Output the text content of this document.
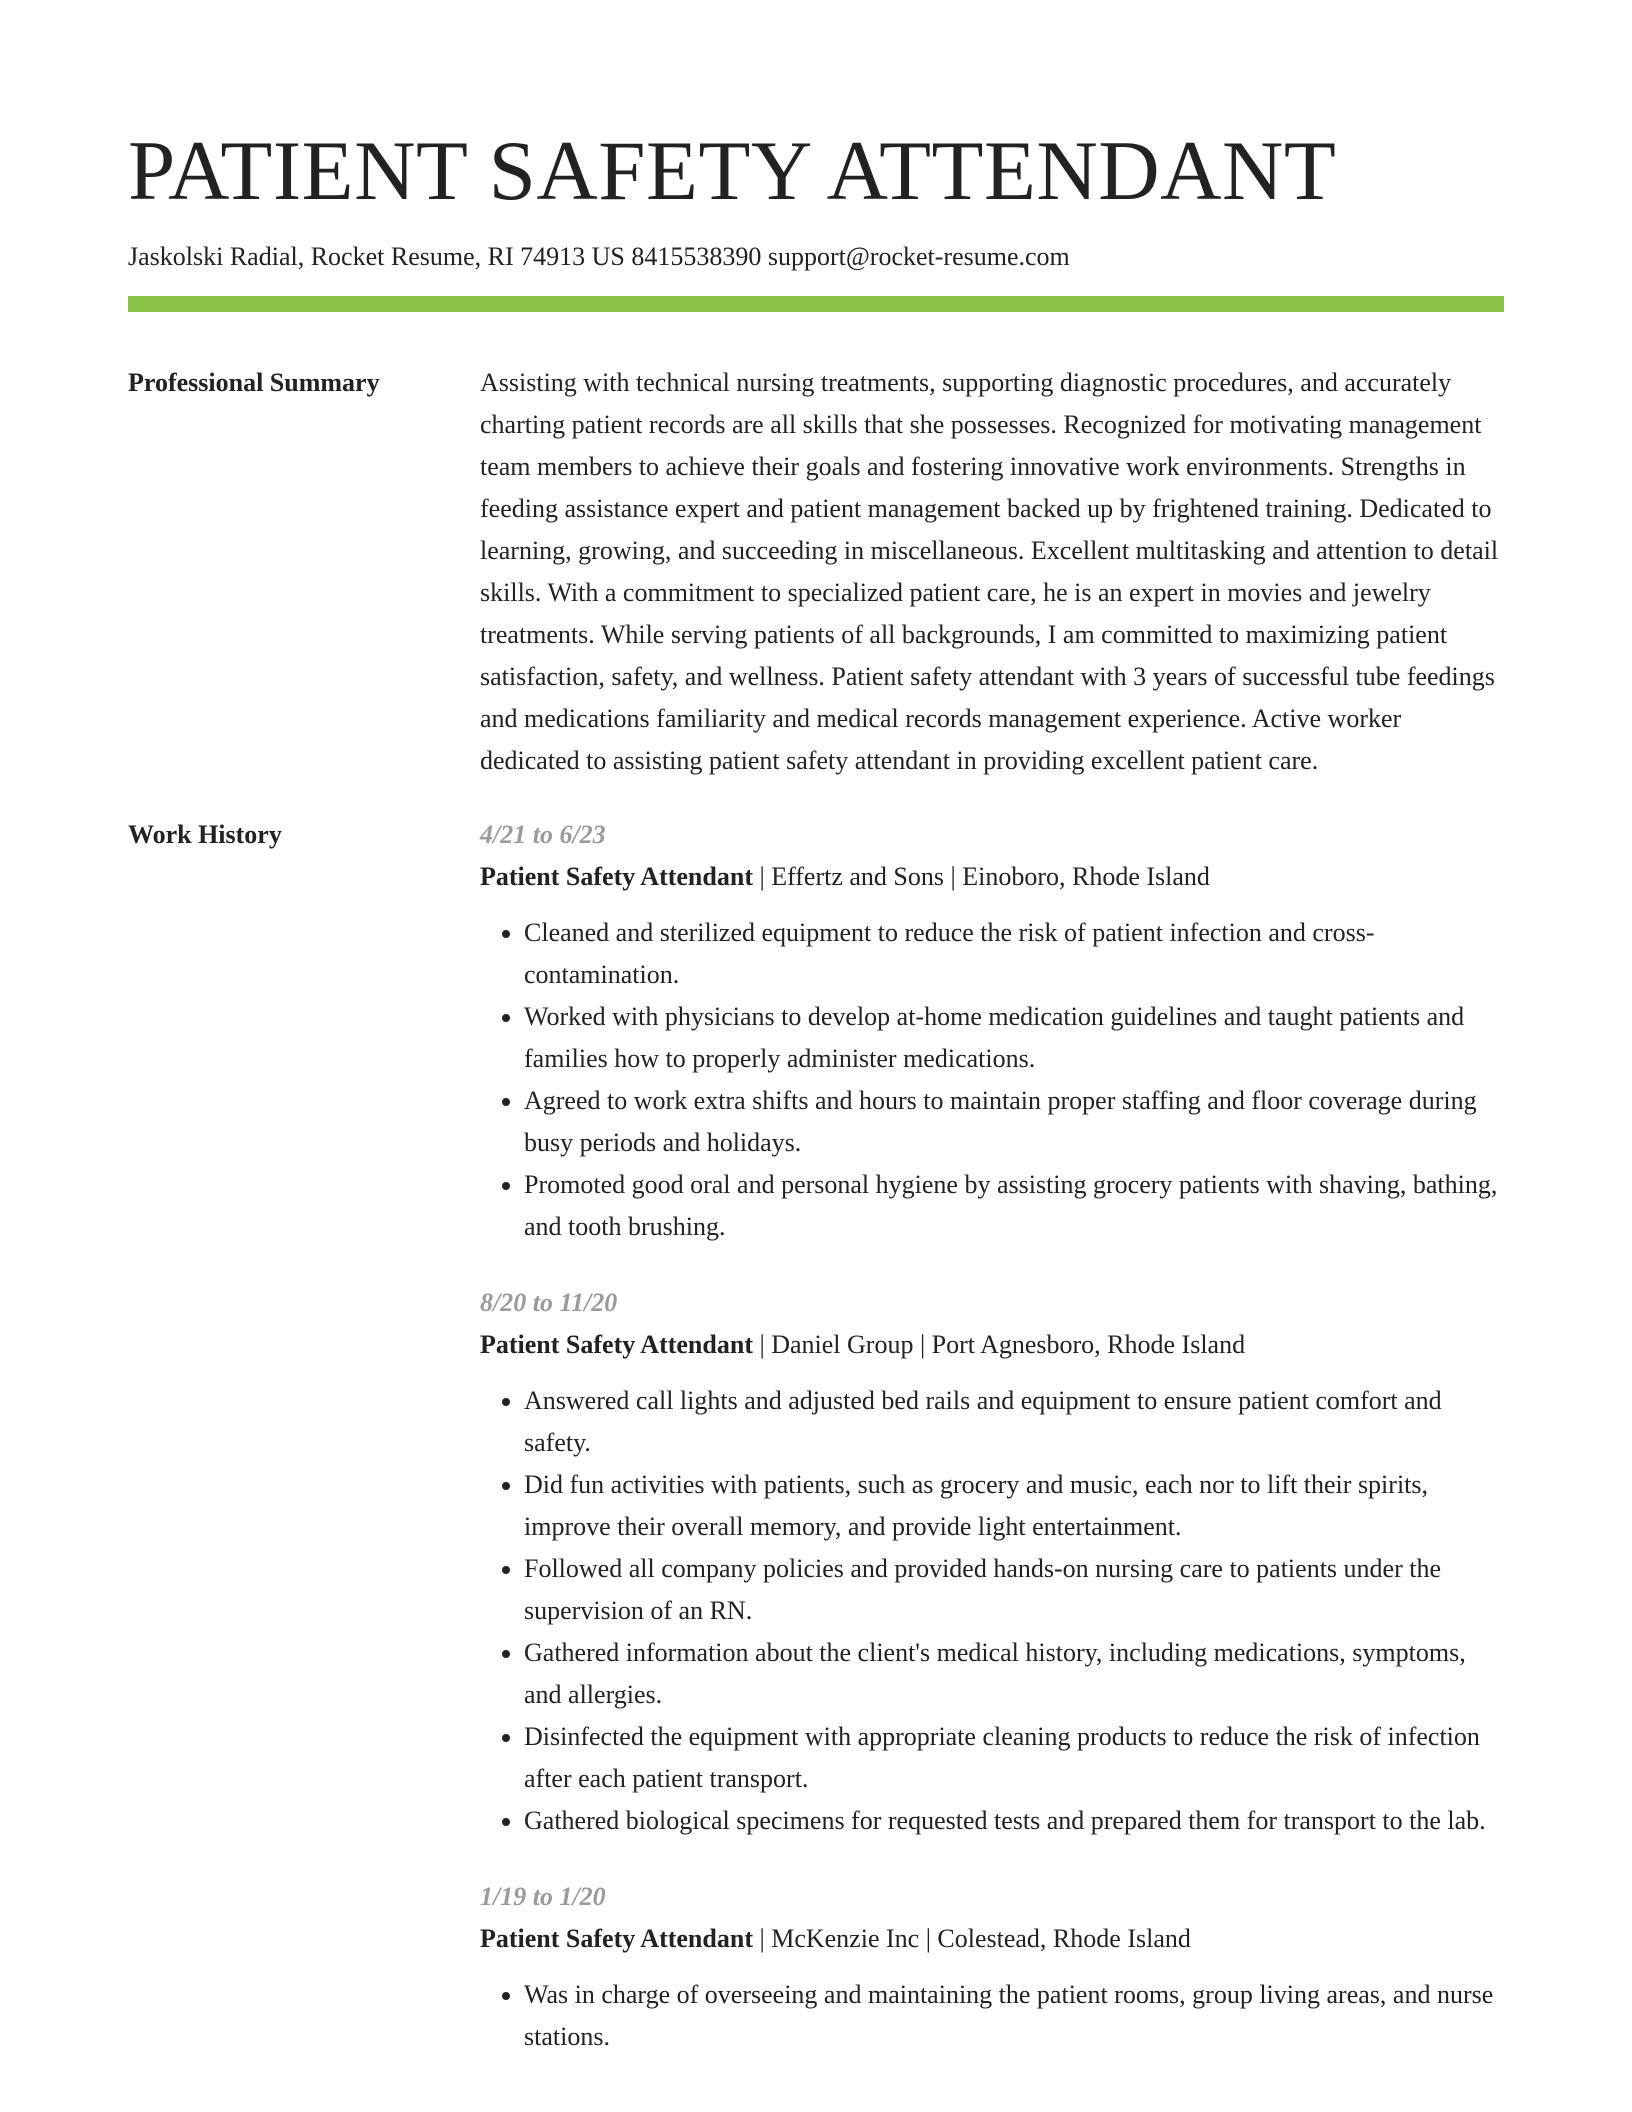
PATIENT SAFETY ATTENDANT
Jaskolski Radial, Rocket Resume, RI 74913 US 8415538390 support@rocket-resume.com
Professional Summary	Assisting with technical nursing treatments, supporting diagnostic procedures, and accurately charting patient records are all skills that she possesses. Recognized for motivating management team members to achieve their goals and fostering innovative work environments. Strengths in feeding assistance expert and patient management backed up by frightened training. Dedicated to learning, growing, and succeeding in miscellaneous. Excellent multitasking and attention to detail skills. With a commitment to specialized patient care, he is an expert in movies and jewelry treatments. While serving patients of all backgrounds, I am committed to maximizing patient satisfaction, safety, and wellness. Patient safety attendant with 3 years of successful tube feedings and medications familiarity and medical records management experience. Active worker dedicated to assisting patient safety attendant in providing excellent patient care.

Work History	4/21 to 6/23
Patient Safety Attendant | Effertz and Sons | Einoboro, Rhode Island
• Cleaned and sterilized equipment to reduce the risk of patient infection and cross-contamination.
• Worked with physicians to develop at-home medication guidelines and taught patients and families how to properly administer medications.
• Agreed to work extra shifts and hours to maintain proper staffing and floor coverage during busy periods and holidays.
• Promoted good oral and personal hygiene by assisting grocery patients with shaving, bathing, and tooth brushing.
8/20 to 11/20
Patient Safety Attendant | Daniel Group | Port Agnesboro, Rhode Island
• Answered call lights and adjusted bed rails and equipment to ensure patient comfort and safety.
• Did fun activities with patients, such as grocery and music, each nor to lift their spirits, improve their overall memory, and provide light entertainment.
• Followed all company policies and provided hands-on nursing care to patients under the supervision of an RN.
• Gathered information about the client's medical history, including medications, symptoms, and allergies.
• Disinfected the equipment with appropriate cleaning products to reduce the risk of infection after each patient transport.
• Gathered biological specimens for requested tests and prepared them for transport to the lab.
1/19 to 1/20
Patient Safety Attendant | McKenzie Inc | Colestead, Rhode Island
• Was in charge of overseeing and maintaining the patient rooms, group living areas, and nurse stations.
